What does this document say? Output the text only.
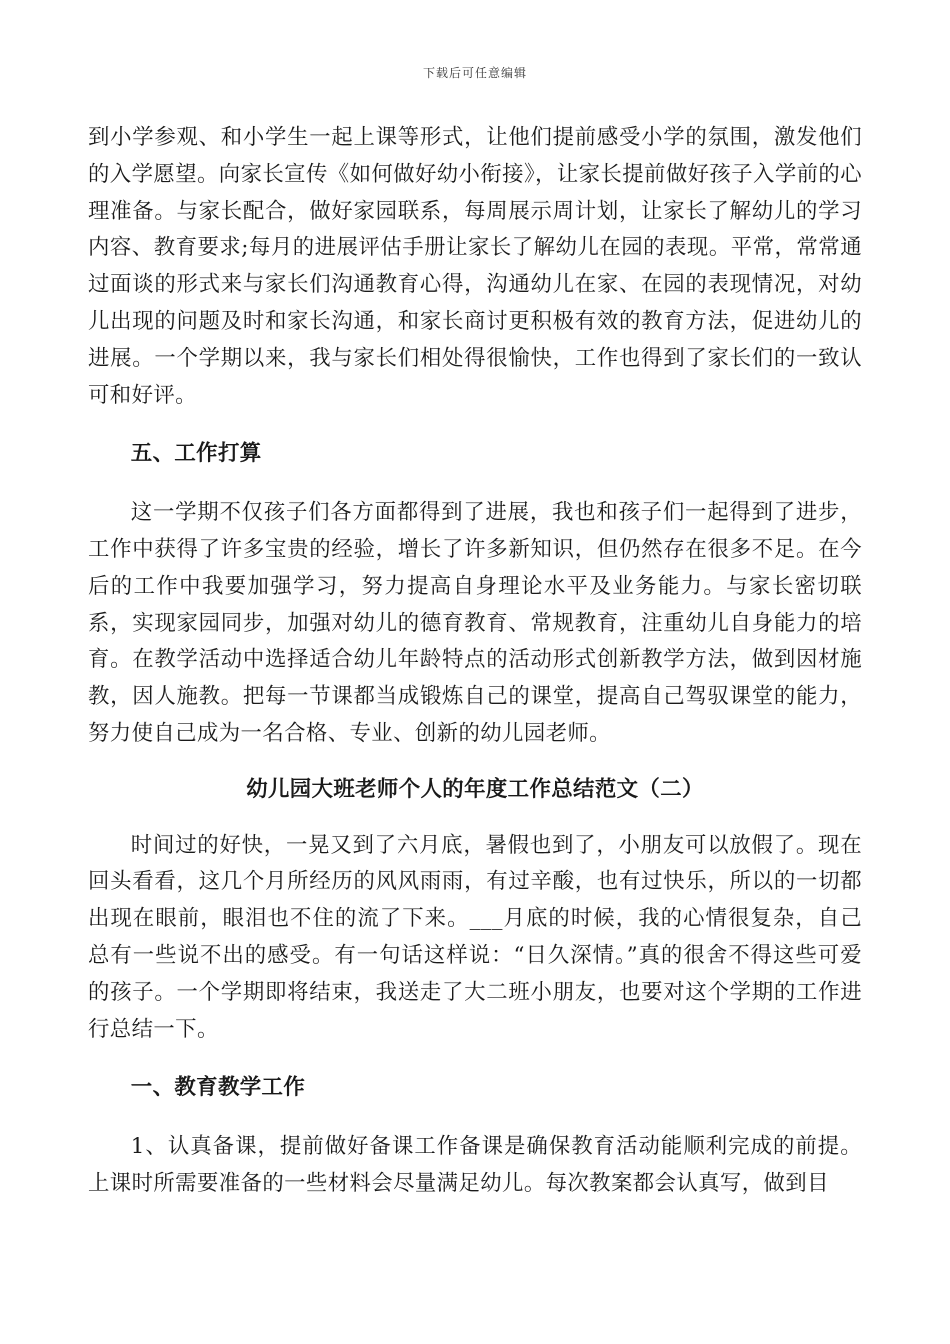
下载后可任意编辑

到小学参观、和小学生一起上课等形式，让他们提前感受小学的氛围，激发他们的入学愿望。向家长宣传《如何做好幼小衔接》，让家长提前做好孩子入学前的心理准备。与家长配合，做好家园联系，每周展示周计划，让家长了解幼儿的学习内容、教育要求;每月的进展评估手册让家长了解幼儿在园的表现。平常，常常通过面谈的形式来与家长们沟通教育心得，沟通幼儿在家、在园的表现情况，对幼儿出现的问题及时和家长沟通，和家长商讨更积极有效的教育方法，促进幼儿的进展。一个学期以来，我与家长们相处得很愉快，工作也得到了家长们的一致认可和好评。

五、工作打算

这一学期不仅孩子们各方面都得到了进展，我也和孩子们一起得到了进步，工作中获得了许多宝贵的经验，增长了许多新知识，但仍然存在很多不足。在今后的工作中我要加强学习，努力提高自身理论水平及业务能力。与家长密切联系，实现家园同步，加强对幼儿的德育教育、常规教育，注重幼儿自身能力的培育。在教学活动中选择适合幼儿年龄特点的活动形式创新教学方法，做到因材施教，因人施教。把每一节课都当成锻炼自己的课堂，提高自己驾驭课堂的能力，努力使自己成为一名合格、专业、创新的幼儿园老师。

幼儿园大班老师个人的年度工作总结范文（二）

时间过的好快，一晃又到了六月底，暑假也到了，小朋友可以放假了。现在回头看看，这几个月所经历的风风雨雨，有过辛酸，也有过快乐，所以的一切都出现在眼前，眼泪也不住的流了下来。___月底的时候，我的心情很复杂，自己总有一些说不出的感受。有一句话这样说：“日久深情。”真的很舍不得这些可爱的孩子。一个学期即将结束，我送走了大二班小朋友，也要对这个学期的工作进行总结一下。

一、教育教学工作

1、认真备课，提前做好备课工作备课是确保教育活动能顺利完成的前提。上课时所需要准备的一些材料会尽量满足幼儿。每次教案都会认真写，做到目
